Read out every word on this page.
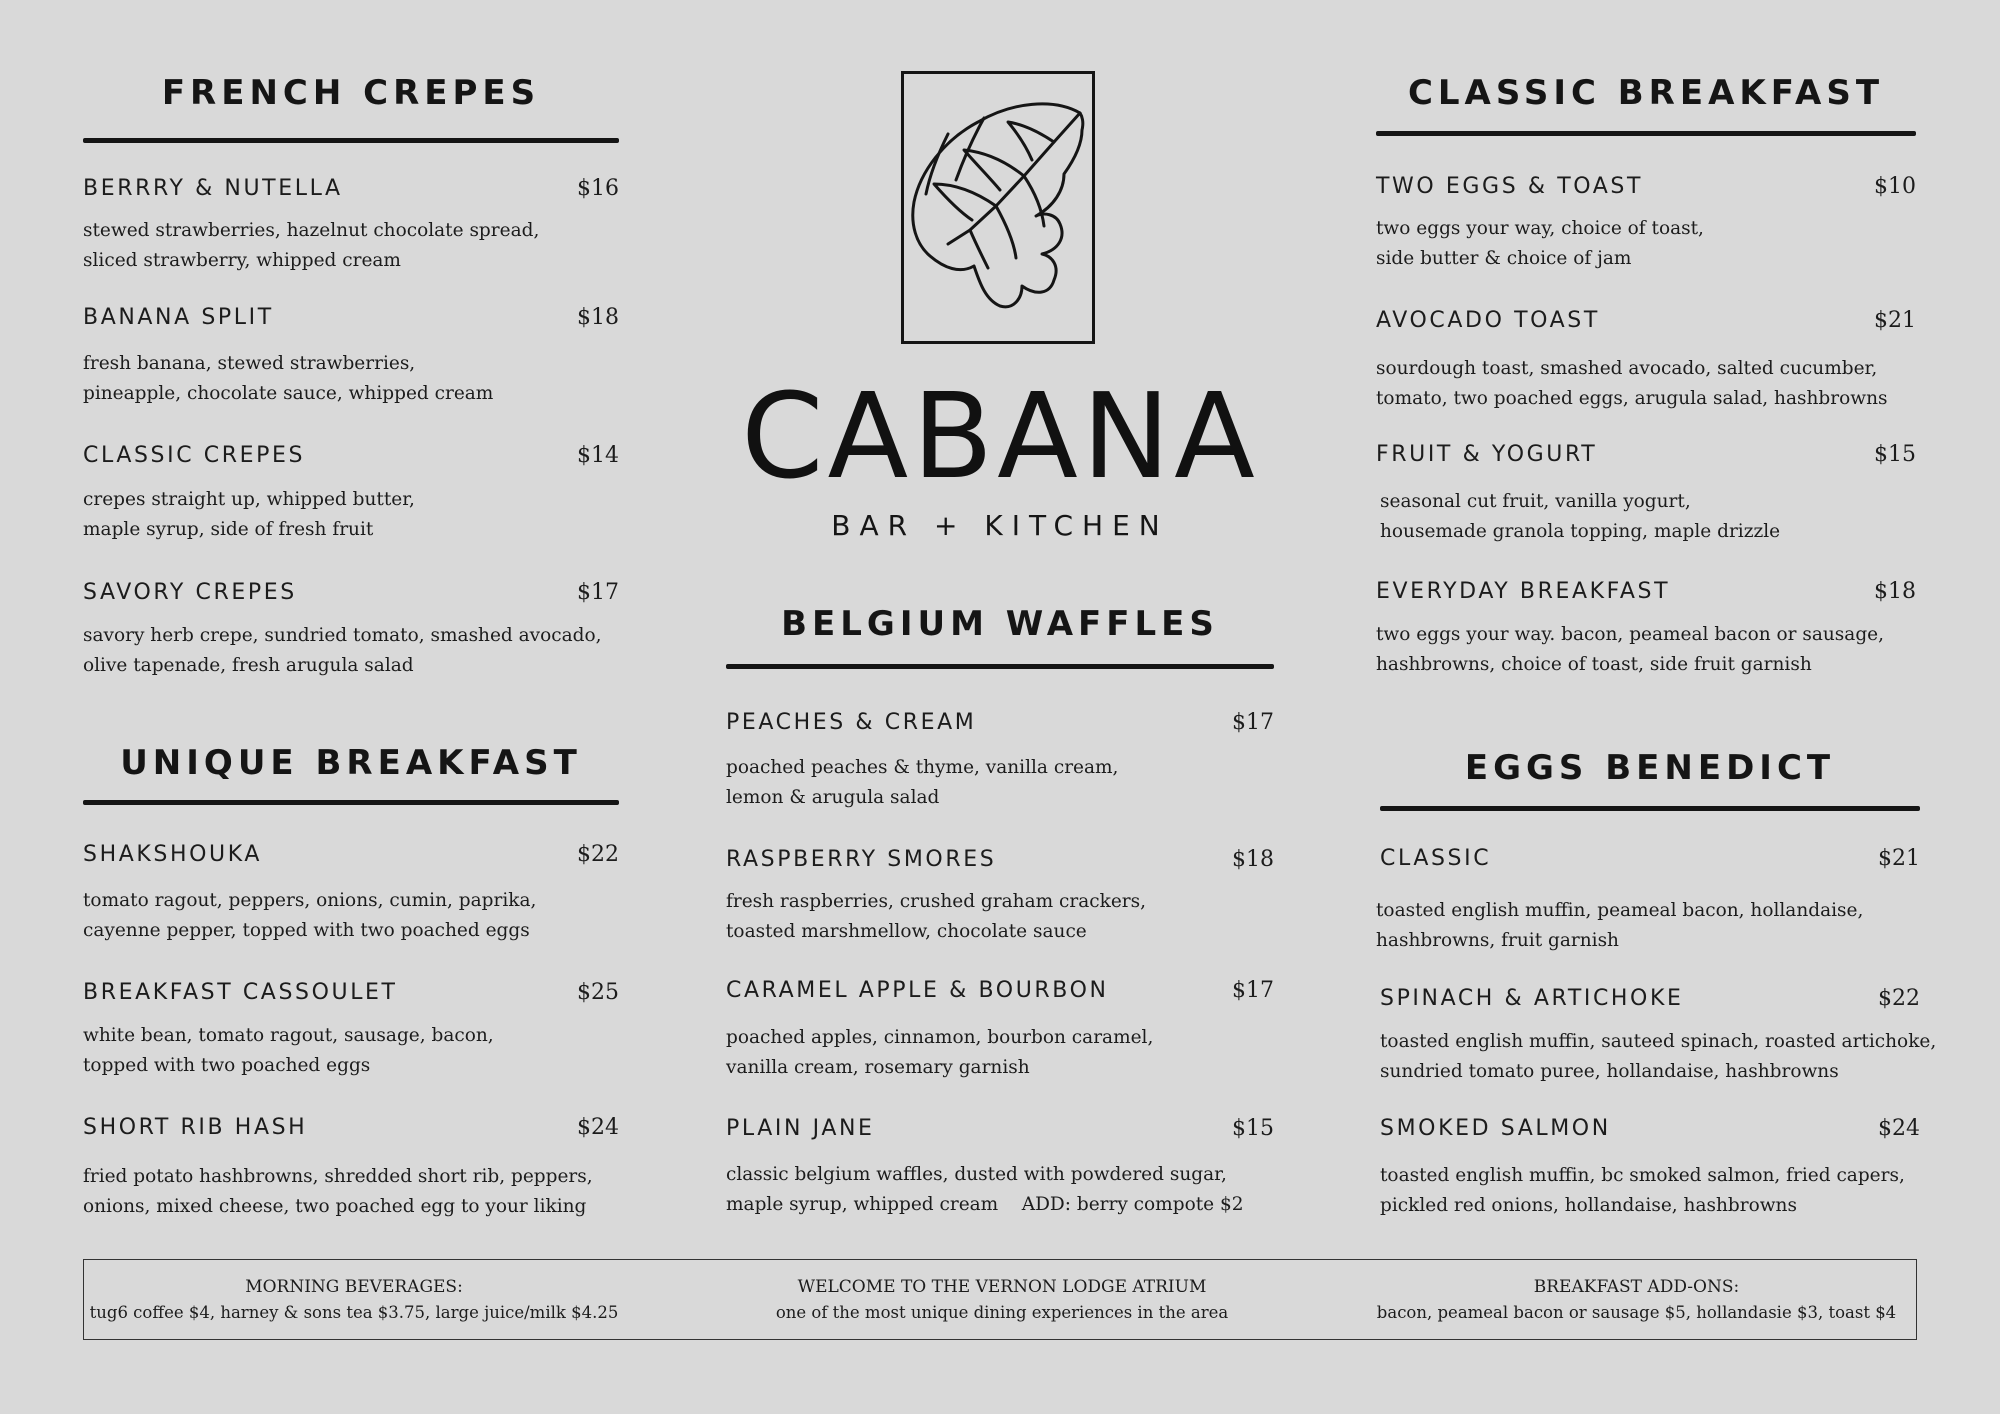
FRENCH CREPES
BERRRY & NUTELLA	$16
stewed strawberries, hazelnut chocolate spread,
sliced strawberry, whipped cream
BANANA SPLIT	$18
fresh banana, stewed strawberries,
pineapple, chocolate sauce, whipped cream
CLASSIC CREPES	$14
crepes straight up, whipped butter,
maple syrup, side of fresh fruit
SAVORY CREPES	$17
savory herb crepe, sundried tomato, smashed avocado,
olive tapenade, fresh arugula salad
UNIQUE BREAKFAST
SHAKSHOUKA	$22
tomato ragout, peppers, onions, cumin, paprika,
cayenne pepper, topped with two poached eggs
BREAKFAST CASSOULET	$25
white bean, tomato ragout, sausage, bacon,
topped with two poached eggs
SHORT RIB HASH	$24
fried potato hashbrowns, shredded short rib, peppers,
onions, mixed cheese, two poached egg to your liking
CABANA
BAR + KITCHEN
BELGIUM WAFFLES
PEACHES & CREAM	$17
poached peaches & thyme, vanilla cream,
lemon & arugula salad
RASPBERRY SMORES	$18
fresh raspberries, crushed graham crackers,
toasted marshmellow, chocolate sauce
CARAMEL APPLE & BOURBON	$17
poached apples, cinnamon, bourbon caramel,
vanilla cream, rosemary garnish
PLAIN JANE	$15
classic belgium waffles, dusted with powdered sugar,
maple syrup, whipped cream    ADD: berry compote $2
CLASSIC BREAKFAST
TWO EGGS & TOAST	$10
two eggs your way, choice of toast,
side butter & choice of jam
AVOCADO TOAST	$21
sourdough toast, smashed avocado, salted cucumber,
tomato, two poached eggs, arugula salad, hashbrowns
FRUIT & YOGURT	$15
seasonal cut fruit, vanilla yogurt,
housemade granola topping, maple drizzle
EVERYDAY BREAKFAST	$18
two eggs your way. bacon, peameal bacon or sausage,
hashbrowns, choice of toast, side fruit garnish
EGGS BENEDICT
CLASSIC	$21
toasted english muffin, peameal bacon, hollandaise,
hashbrowns, fruit garnish
SPINACH & ARTICHOKE	$22
toasted english muffin, sauteed spinach, roasted artichoke,
sundried tomato puree, hollandaise, hashbrowns
SMOKED SALMON	$24
toasted english muffin, bc smoked salmon, fried capers,
pickled red onions, hollandaise, hashbrowns
MORNING BEVERAGES:
tug6 coffee $4, harney & sons tea $3.75, large juice/milk $4.25
WELCOME TO THE VERNON LODGE ATRIUM
one of the most unique dining experiences in the area
BREAKFAST ADD-ONS:
bacon, peameal bacon or sausage $5, hollandasie $3, toast $4
